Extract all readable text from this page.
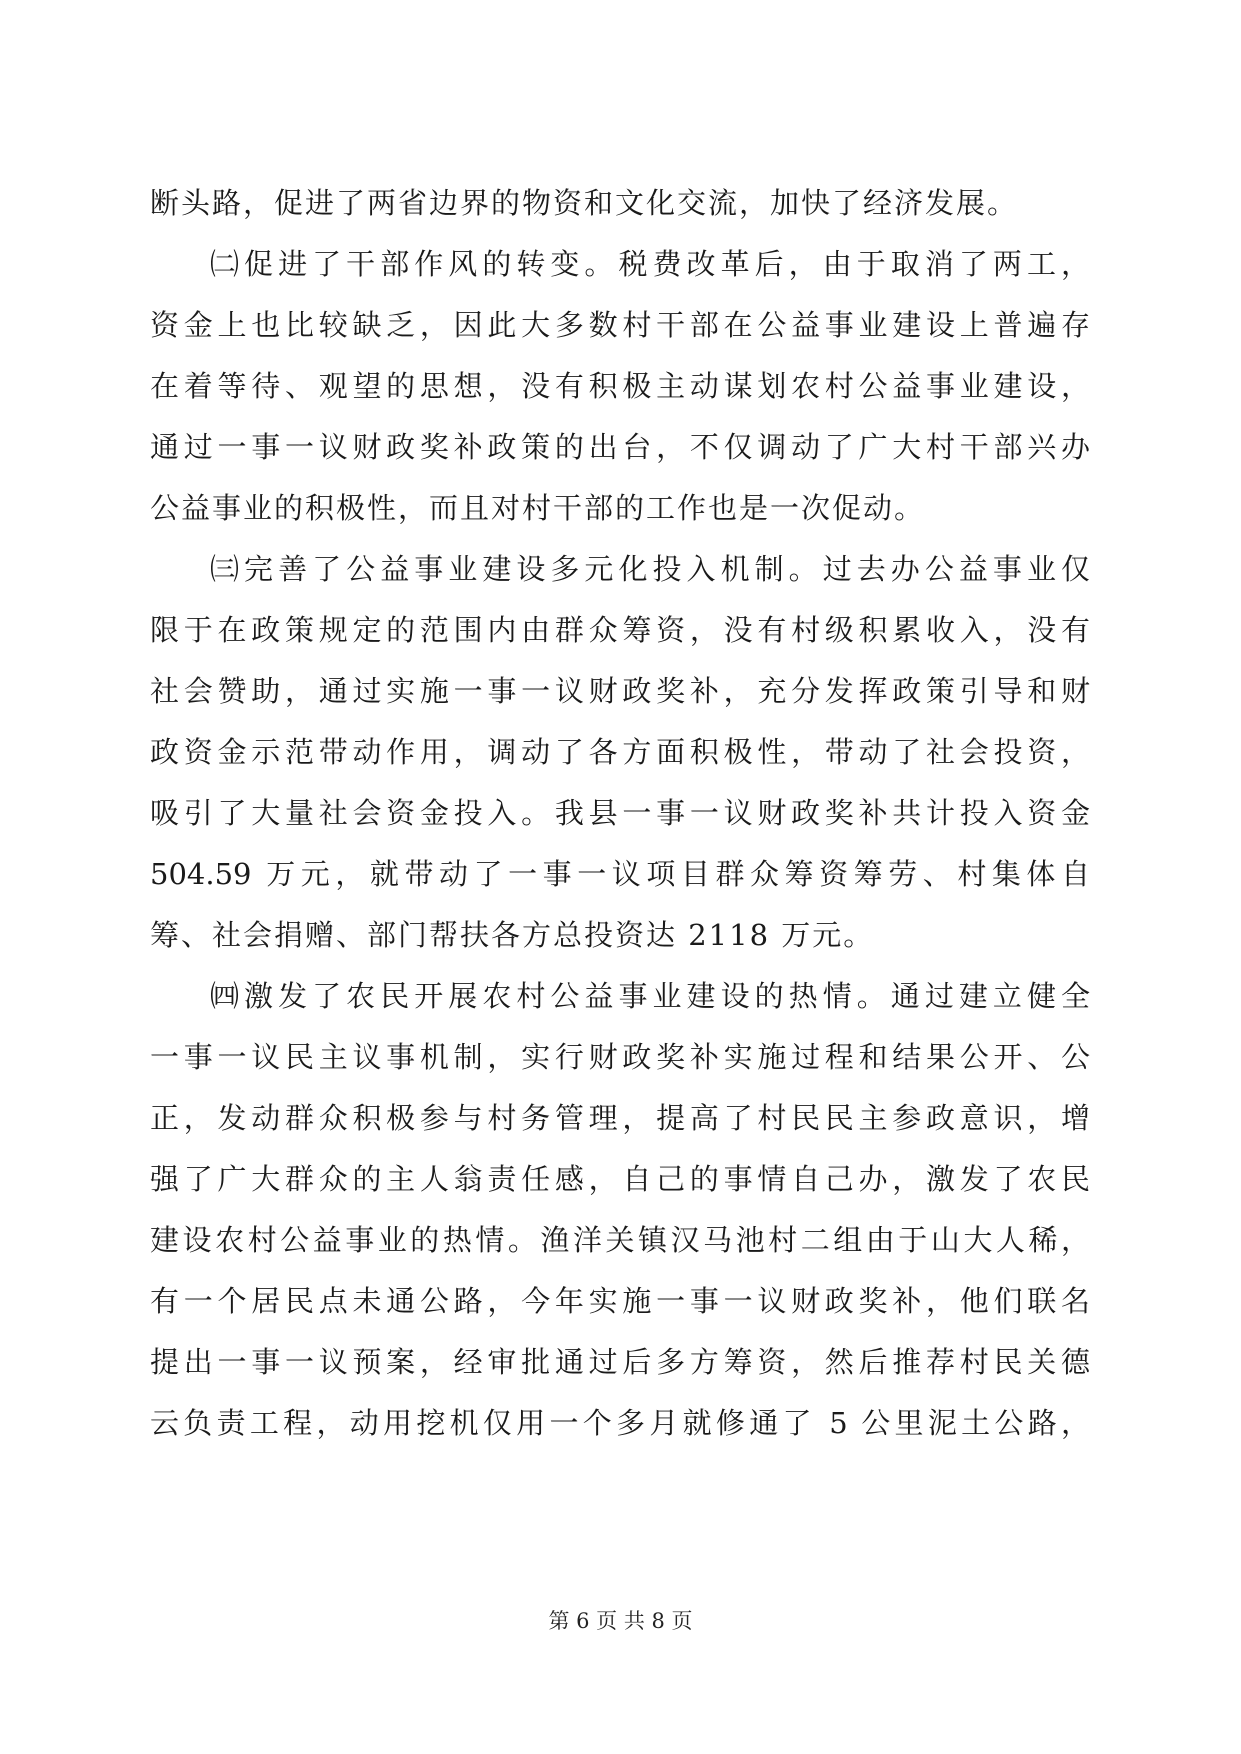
断头路，促进了两省边界的物资和文化交流，加快了经济发展。
㈡促进了干部作风的转变。税费改革后，由于取消了两工，
资金上也比较缺乏，因此大多数村干部在公益事业建设上普遍存
在着等待、观望的思想，没有积极主动谋划农村公益事业建设，
通过一事一议财政奖补政策的出台，不仅调动了广大村干部兴办
公益事业的积极性，而且对村干部的工作也是一次促动。
㈢完善了公益事业建设多元化投入机制。过去办公益事业仅
限于在政策规定的范围内由群众筹资，没有村级积累收入，没有
社会赞助，通过实施一事一议财政奖补，充分发挥政策引导和财
政资金示范带动作用，调动了各方面积极性，带动了社会投资，
吸引了大量社会资金投入。我县一事一议财政奖补共计投入资金
504.59 万元，就带动了一事一议项目群众筹资筹劳、村集体自
筹、社会捐赠、部门帮扶各方总投资达 2118 万元。
㈣激发了农民开展农村公益事业建设的热情。通过建立健全
一事一议民主议事机制，实行财政奖补实施过程和结果公开、公
正，发动群众积极参与村务管理，提高了村民民主参政意识，增
强了广大群众的主人翁责任感，自己的事情自己办，激发了农民
建设农村公益事业的热情。渔洋关镇汉马池村二组由于山大人稀，
有一个居民点未通公路，今年实施一事一议财政奖补，他们联名
提出一事一议预案，经审批通过后多方筹资，然后推荐村民关德
云负责工程，动用挖机仅用一个多月就修通了 5 公里泥土公路，
第 6 页 共 8 页
